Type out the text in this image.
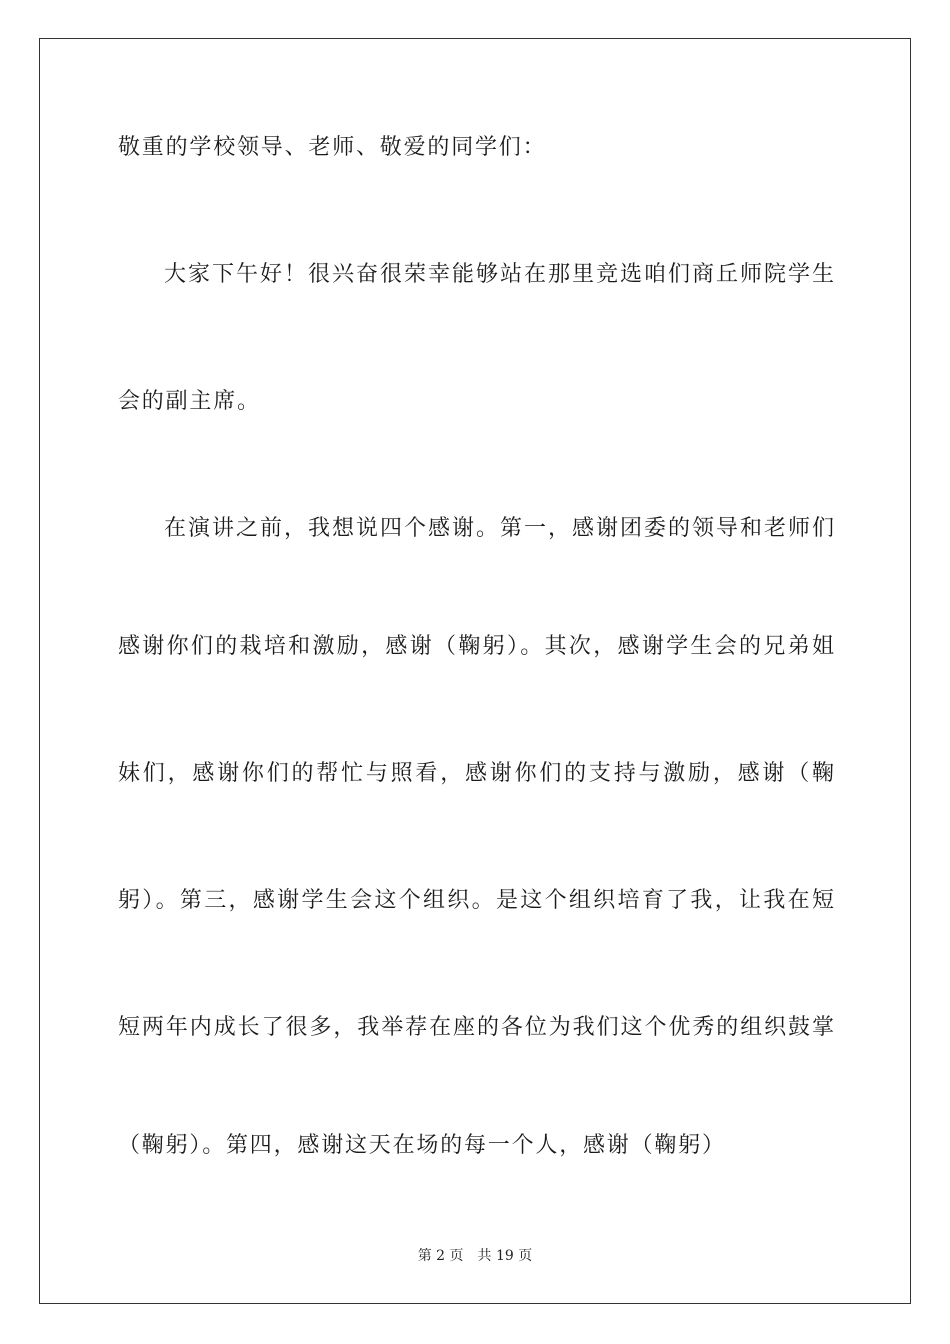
敬重的学校领导、老师、敬爱的同学们：
大家下午好！很兴奋很荣幸能够站在那里竞选咱们商丘师院学生
会的副主席。
在演讲之前，我想说四个感谢。第一，感谢团委的领导和老师们
感谢你们的栽培和激励，感谢（鞠躬）。其次，感谢学生会的兄弟姐
妹们，感谢你们的帮忙与照看，感谢你们的支持与激励，感谢（鞠
躬）。第三，感谢学生会这个组织。是这个组织培育了我，让我在短
短两年内成长了很多，我举荐在座的各位为我们这个优秀的组织鼓掌
（鞠躬）。第四，感谢这天在场的每一个人，感谢（鞠躬）
第 2 页 共 19 页
